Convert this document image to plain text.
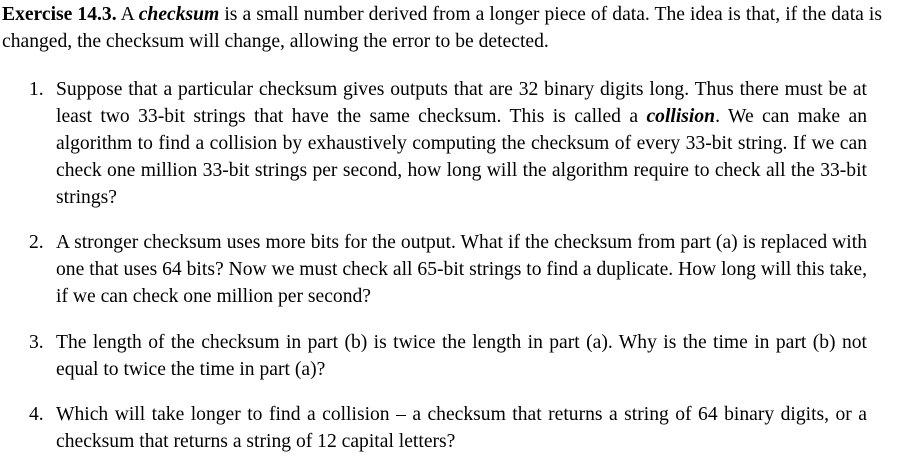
Exercise 14.3. A checksum is a small number derived from a longer piece of data. The idea is that, if the data is changed, the checksum will change, allowing the error to be detected.
1. Suppose that a particular checksum gives outputs that are 32 binary digits long. Thus there must be at least two 33-bit strings that have the same checksum. This is called a collision. We can make an algorithm to find a collision by exhaustively computing the checksum of every 33-bit string. If we can check one million 33-bit strings per second, how long will the algorithm require to check all the 33-bit strings?
2. A stronger checksum uses more bits for the output. What if the checksum from part (a) is replaced with one that uses 64 bits? Now we must check all 65-bit strings to find a duplicate. How long will this take, if we can check one million per second?
3. The length of the checksum in part (b) is twice the length in part (a). Why is the time in part (b) not equal to twice the time in part (a)?
4. Which will take longer to find a collision – a checksum that returns a string of 64 binary digits, or a checksum that returns a string of 12 capital letters?
